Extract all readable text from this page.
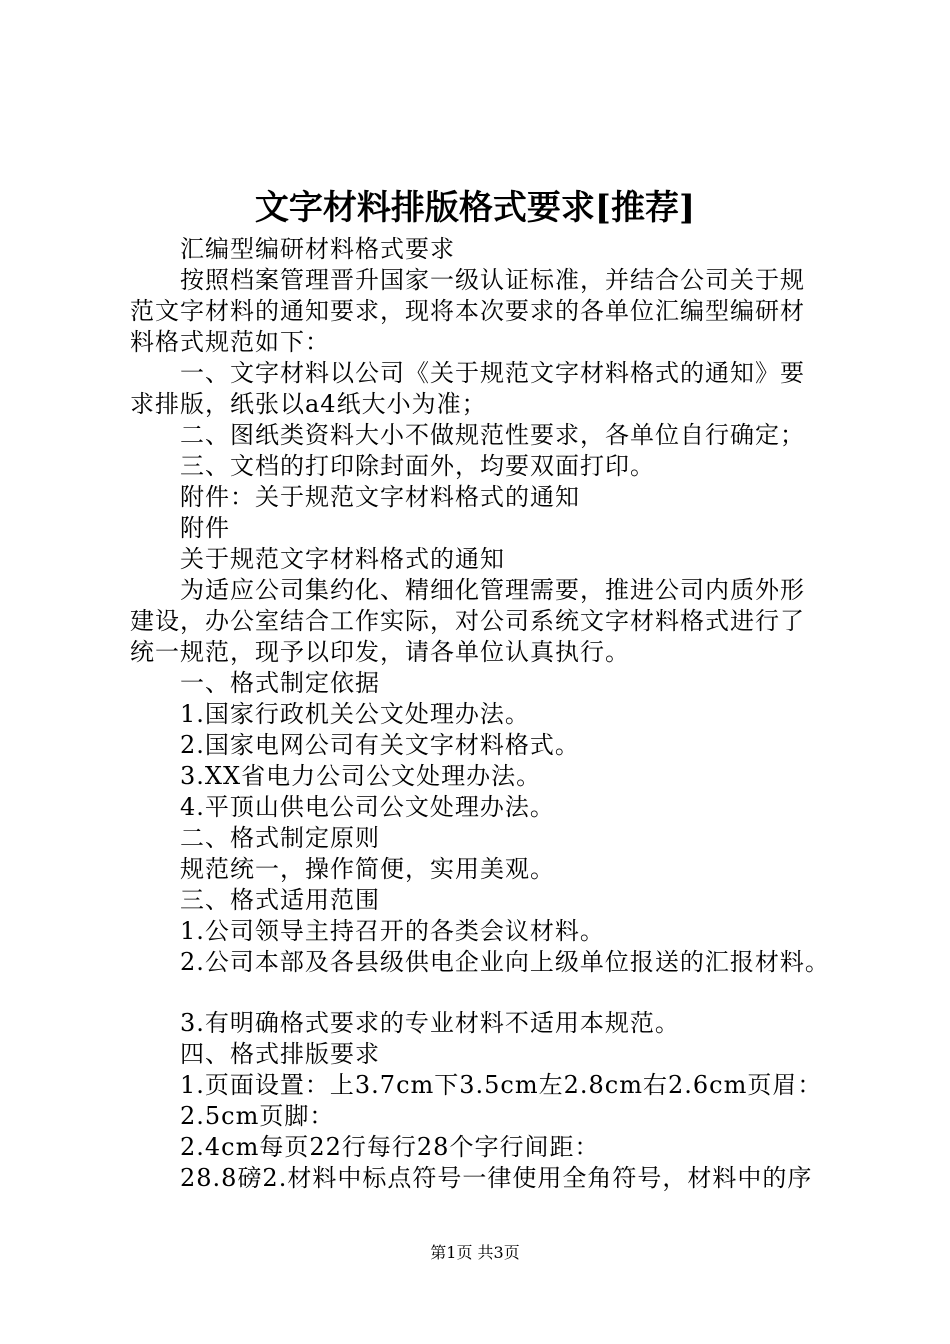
文字材料排版格式要求[推荐]
汇编型编研材料格式要求
按照档案管理晋升国家一级认证标准，并结合公司关于规
范文字材料的通知要求，现将本次要求的各单位汇编型编研材
料格式规范如下：
一、文字材料以公司《关于规范文字材料格式的通知》要
求排版，纸张以a4纸大小为准；
二、图纸类资料大小不做规范性要求，各单位自行确定；
三、文档的打印除封面外，均要双面打印。
附件：关于规范文字材料格式的通知
附件
关于规范文字材料格式的通知
为适应公司集约化、精细化管理需要，推进公司内质外形
建设，办公室结合工作实际，对公司系统文字材料格式进行了
统一规范，现予以印发，请各单位认真执行。
一、格式制定依据
1.国家行政机关公文处理办法。
2.国家电网公司有关文字材料格式。
3.XX省电力公司公文处理办法。
4.平顶山供电公司公文处理办法。
二、格式制定原则
规范统一，操作简便，实用美观。
三、格式适用范围
1.公司领导主持召开的各类会议材料。
2.公司本部及各县级供电企业向上级单位报送的汇报材料。
3.有明确格式要求的专业材料不适用本规范。
四、格式排版要求
1.页面设置：上3.7cm下3.5cm左2.8cm右2.6cm页眉：
2.5cm页脚：
2.4cm每页22行每行28个字行间距：
28.8磅2.材料中标点符号一律使用全角符号，材料中的序
第1页 共3页
